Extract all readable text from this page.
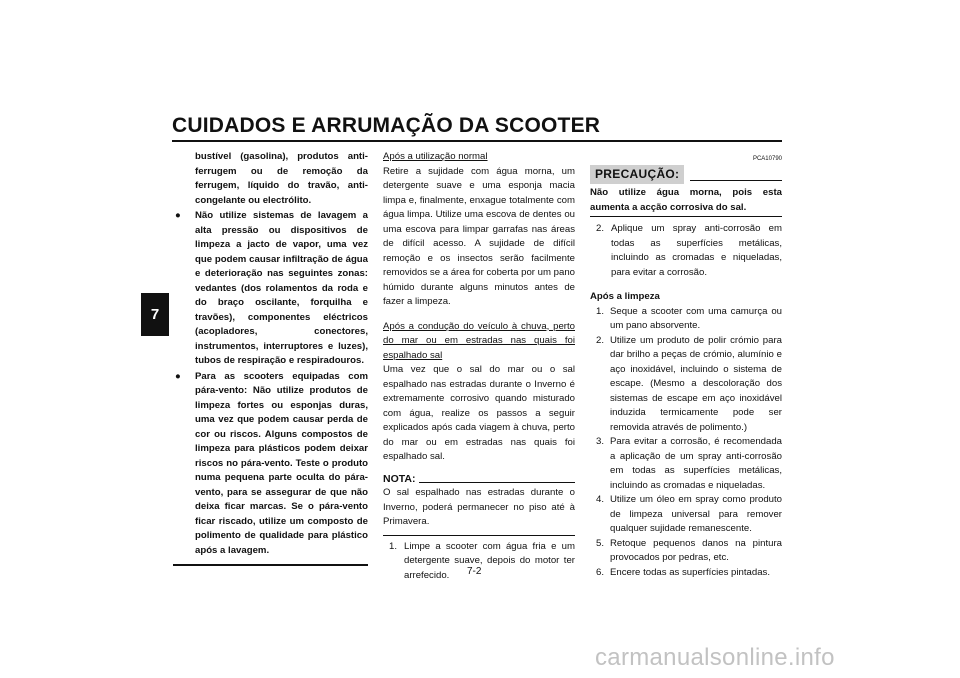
CUIDADOS E ARRUMAÇÃO DA SCOOTER
7
bustível (gasolina), produtos anti-ferrugem ou de remoção da ferrugem, líquido do travão, anti-congelante ou electrólito.
● Não utilize sistemas de lavagem a alta pressão ou dispositivos de limpeza a jacto de vapor, uma vez que podem causar infiltração de água e deterioração nas seguintes zonas: vedantes (dos rolamentos da roda e do braço oscilante, forquilha e travões), componentes eléctricos (acopladores, conectores, instrumentos, interruptores e luzes), tubos de respiração e respiradouros.
● Para as scooters equipadas com pára-vento: Não utilize produtos de limpeza fortes ou esponjas duras, uma vez que podem causar perda de cor ou riscos. Alguns compostos de limpeza para plásticos podem deixar riscos no pára-vento. Teste o produto numa pequena parte oculta do pára-vento, para se assegurar de que não deixa ficar marcas. Se o pára-vento ficar riscado, utilize um composto de polimento de qualidade para plástico após a lavagem.
Após a utilização normal
Retire a sujidade com água morna, um detergente suave e uma esponja macia limpa e, finalmente, enxague totalmente com água limpa. Utilize uma escova de dentes ou uma escova para limpar garrafas nas áreas de difícil acesso. A sujidade de difícil remoção e os insectos serão facilmente removidos se a área for coberta por um pano húmido durante alguns minutos antes de fazer a limpeza.
Após a condução do veículo à chuva, perto do mar ou em estradas nas quais foi espalhado sal
Uma vez que o sal do mar ou o sal espalhado nas estradas durante o Inverno é extremamente corrosivo quando misturado com água, realize os passos a seguir explicados após cada viagem à chuva, perto do mar ou em estradas nas quais foi espalhado sal.
NOTA:
O sal espalhado nas estradas durante o Inverno, poderá permanecer no piso até à Primavera.
1. Limpe a scooter com água fria e um detergente suave, depois do motor ter arrefecido.
PCA10790
PRECAUÇÃO:
Não utilize água morna, pois esta aumenta a acção corrosiva do sal.
2. Aplique um spray anti-corrosão em todas as superfícies metálicas, incluindo as cromadas e niqueladas, para evitar a corrosão.
Após a limpeza
1. Seque a scooter com uma camurça ou um pano absorvente.
2. Utilize um produto de polir crómio para dar brilho a peças de crómio, alumínio e aço inoxidável, incluindo o sistema de escape. (Mesmo a descoloração dos sistemas de escape em aço inoxidável induzida termicamente pode ser removida através de polimento.)
3. Para evitar a corrosão, é recomendada a aplicação de um spray anti-corrosão em todas as superfícies metálicas, incluindo as cromadas e niqueladas.
4. Utilize um óleo em spray como produto de limpeza universal para remover qualquer sujidade remanescente.
5. Retoque pequenos danos na pintura provocados por pedras, etc.
6. Encere todas as superfícies pintadas.
7-2
carmanualsonline.info
